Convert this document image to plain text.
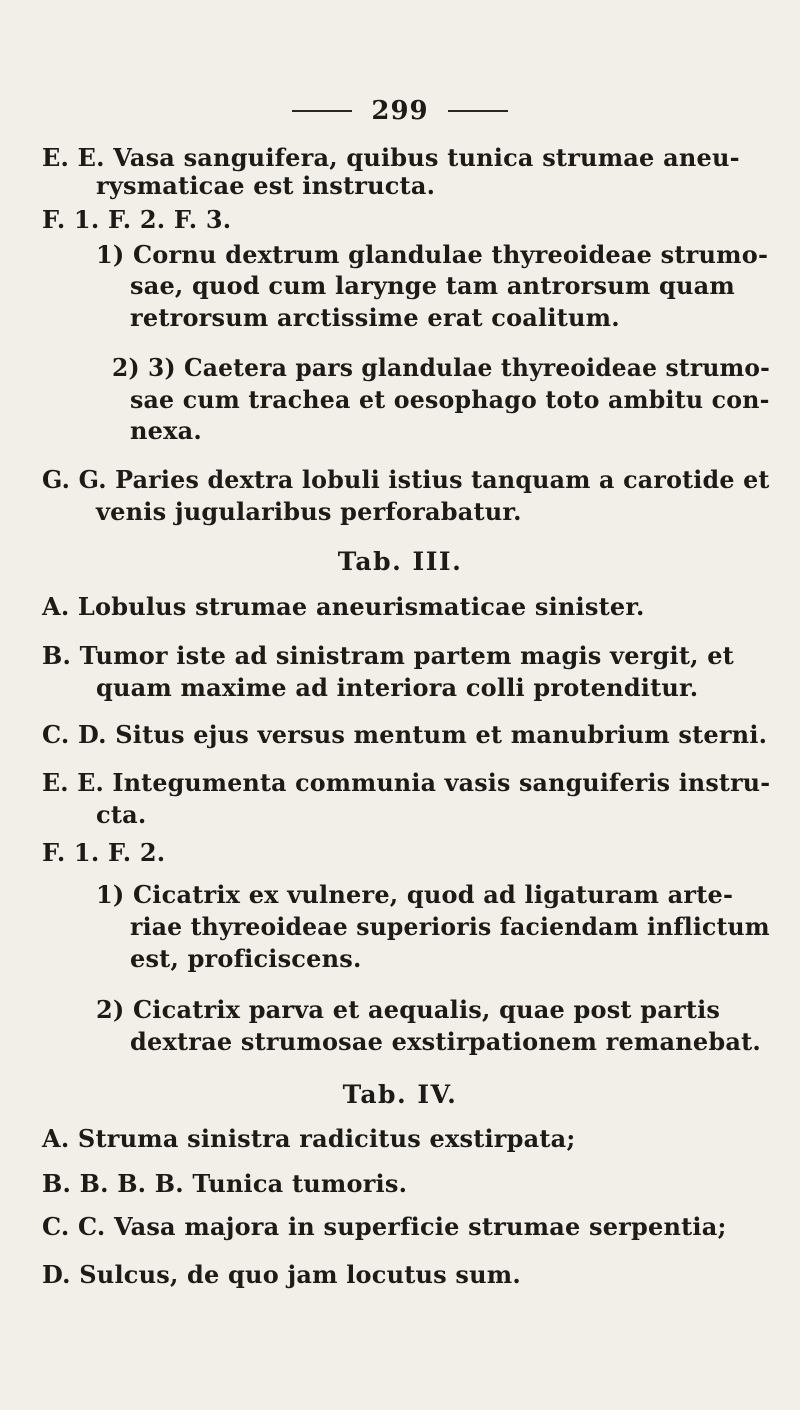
299
E. E. Vasa sanguifera, quibus tunica strumae aneu-
rysmaticae est instructa.
F. 1. F. 2. F. 3.
1) Cornu dextrum glandulae thyreoideae strumo-
sae, quod cum larynge tam antrorsum quam
retrorsum arctissime erat coalitum.
2) 3) Caetera pars glandulae thyreoideae strumo-
sae cum trachea et oesophago toto ambitu con-
nexa.
G. G. Paries dextra lobuli istius tanquam a carotide et
venis jugularibus perforabatur.
Tab. III.
A. Lobulus strumae aneurismaticae sinister.
B. Tumor iste ad sinistram partem magis vergit, et
quam maxime ad interiora colli protenditur.
C. D. Situs ejus versus mentum et manubrium sterni.
E. E. Integumenta communia vasis sanguiferis instru-
cta.
F. 1. F. 2.
1) Cicatrix ex vulnere, quod ad ligaturam arte-
riae thyreoideae superioris faciendam inflictum
est, proficiscens.
2) Cicatrix parva et aequalis, quae post partis
dextrae strumosae exstirpationem remanebat.
Tab. IV.
A. Struma sinistra radicitus exstirpata;
B. B. B. B. Tunica tumoris.
C. C. Vasa majora in superficie strumae serpentia;
D. Sulcus, de quo jam locutus sum.
